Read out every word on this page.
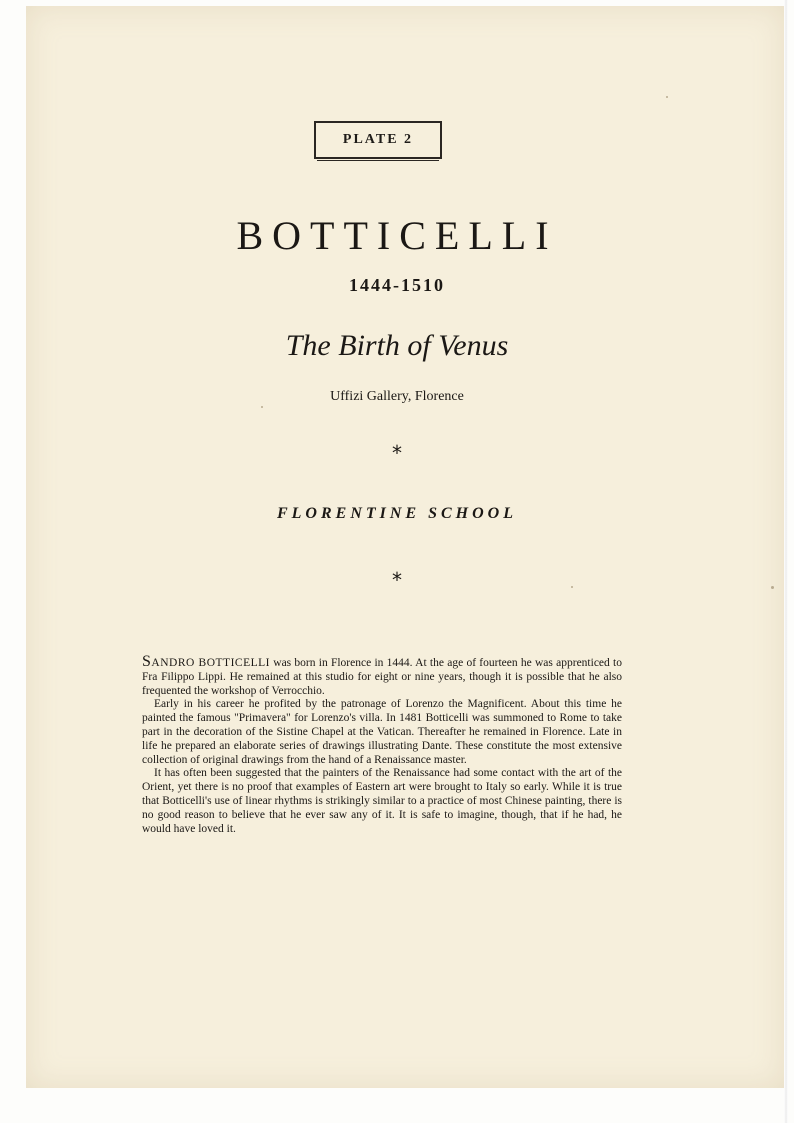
PLATE 2
BOTTICELLI
1444-1510
The Birth of Venus
Uffizi Gallery, Florence
*
FLORENTINE SCHOOL
*

SANDRO BOTTICELLI was born in Florence in 1444. At the age of fourteen he was apprenticed to Fra Filippo Lippi. He remained at this studio for eight or nine years, though it is possible that he also frequented the workshop of Verrocchio.

Early in his career he profited by the patronage of Lorenzo the Magnificent. About this time he painted the famous "Primavera" for Lorenzo's villa. In 1481 Botticelli was summoned to Rome to take part in the decoration of the Sistine Chapel at the Vatican. Thereafter he remained in Florence. Late in life he prepared an elaborate series of drawings illustrating Dante. These constitute the most extensive collection of original drawings from the hand of a Renaissance master.

It has often been suggested that the painters of the Renaissance had some contact with the art of the Orient, yet there is no proof that examples of Eastern art were brought to Italy so early. While it is true that Botticelli's use of linear rhythms is strikingly similar to a practice of most Chinese painting, there is no good reason to believe that he ever saw any of it. It is safe to imagine, though, that if he had, he would have loved it.
